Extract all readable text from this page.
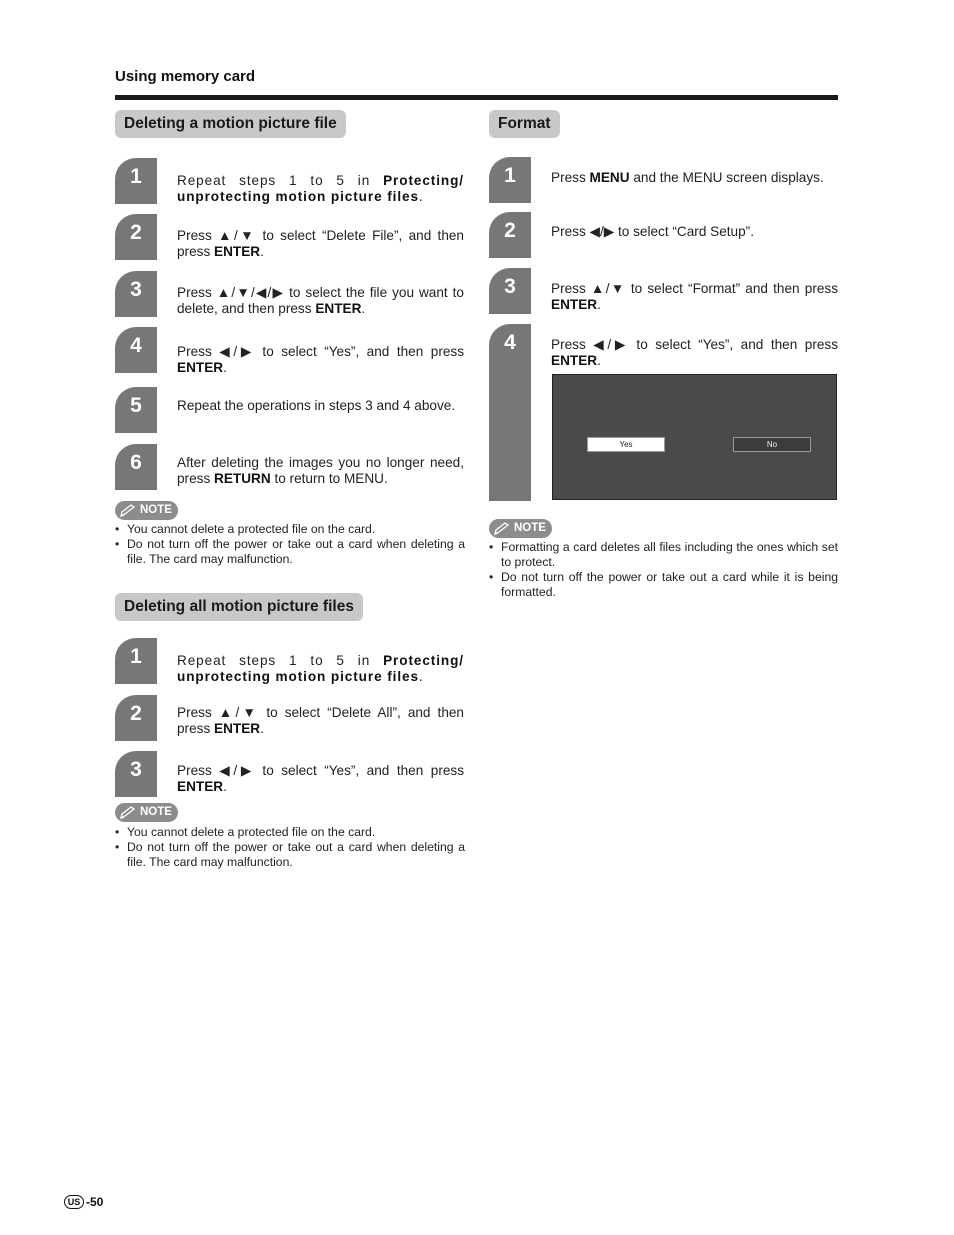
Using memory card
Deleting a motion picture file
1	Repeat steps 1 to 5 in Protecting/ unprotecting motion picture files.
2	Press ▲/▼ to select “Delete File”, and then press ENTER.
3	Press ▲/▼/◀/▶ to select the file you want to delete, and then press ENTER.
4	Press ◀/▶ to select “Yes”, and then press ENTER.
5	Repeat the operations in steps 3 and 4 above.
6	After deleting the images you no longer need, press RETURN to return to MENU.
NOTE
• You cannot delete a protected file on the card.
• Do not turn off the power or take out a card when deleting a file. The card may malfunction.
Deleting all motion picture files
1	Repeat steps 1 to 5 in Protecting/ unprotecting motion picture files.
2	Press ▲/▼ to select “Delete All”, and then press ENTER.
3	Press ◀/▶ to select “Yes”, and then press ENTER.
NOTE
• You cannot delete a protected file on the card.
• Do not turn off the power or take out a card when deleting a file. The card may malfunction.
Format
1	Press MENU and the MENU screen displays.
2	Press ◀/▶ to select “Card Setup”.
3	Press ▲/▼ to select “Format” and then press ENTER.
4	Press ◀/▶ to select “Yes”, and then press ENTER.
Yes	No
NOTE
• Formatting a card deletes all files including the ones which set to protect.
• Do not turn off the power or take out a card while it is being formatted.
US -50
